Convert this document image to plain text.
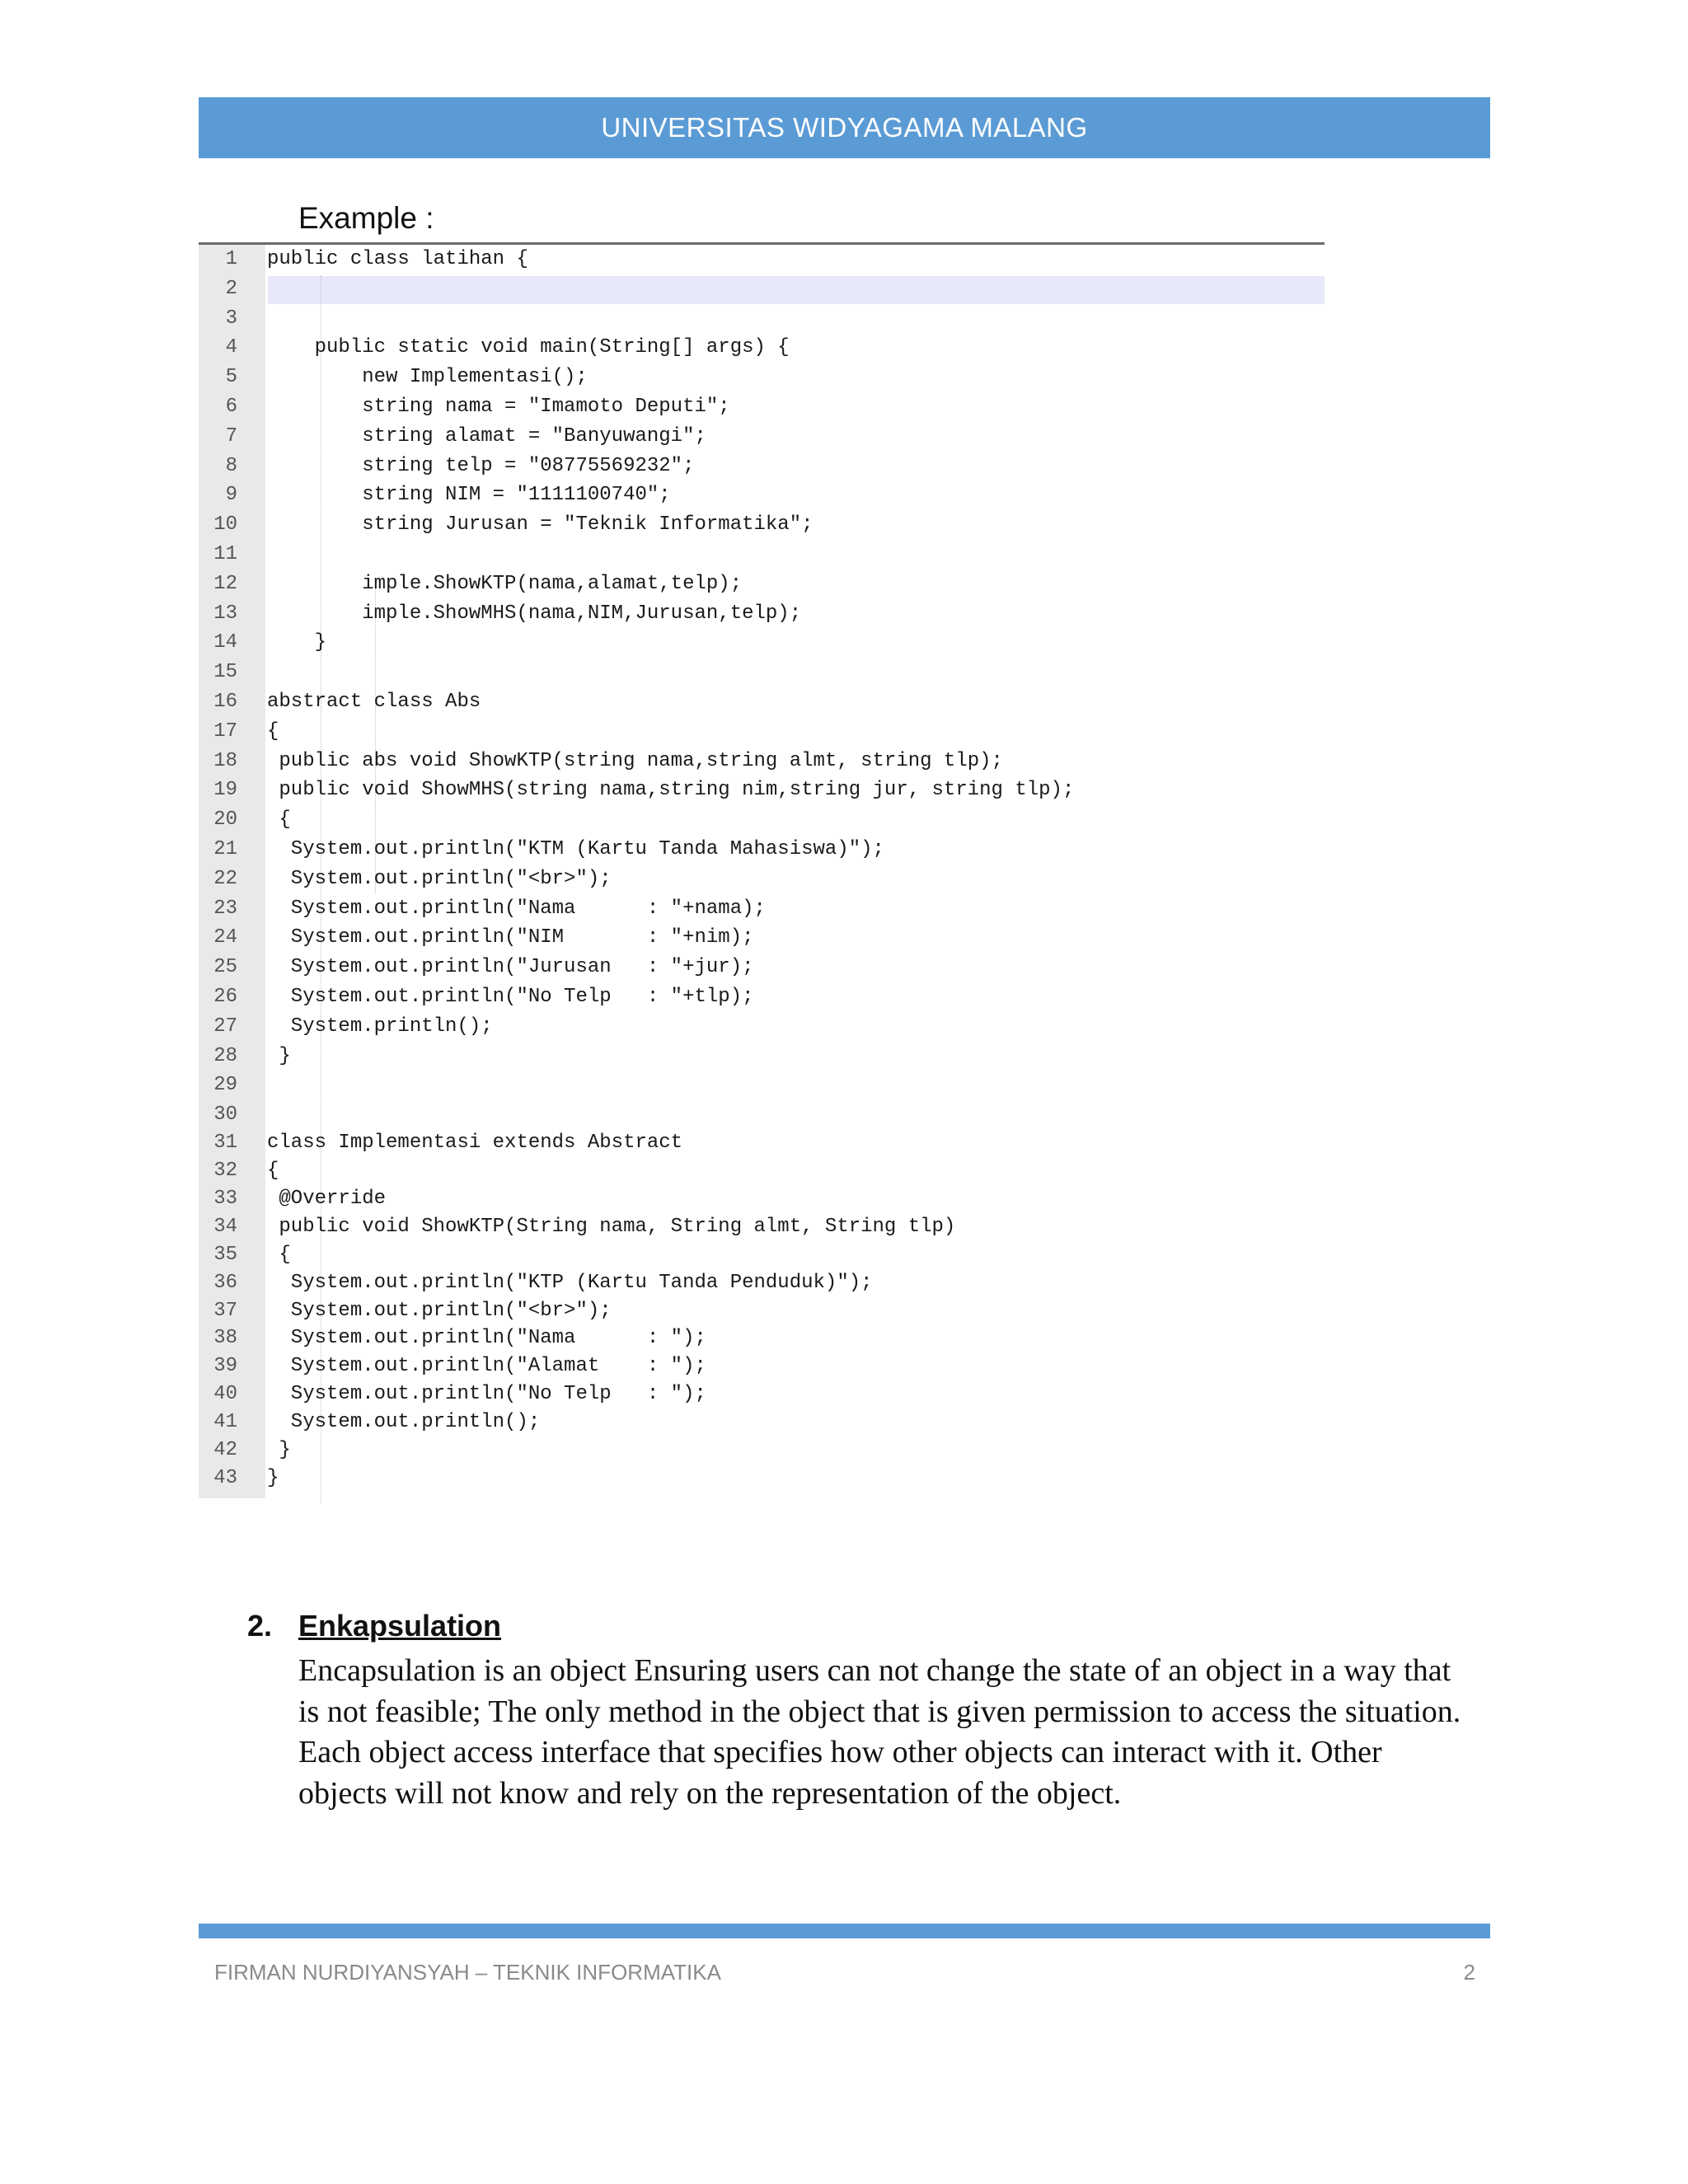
UNIVERSITAS WIDYAGAMA MALANG
Example :
1 public class latihan {
2
3
4 public static void main(String[] args) {
5 new Implementasi();
6 string nama = "Imamoto Deputi";
7 string alamat = "Banyuwangi";
8 string telp = "08775569232";
9 string NIM = "1111100740";
10 string Jurusan = "Teknik Informatika";
11
12 imple.ShowKTP(nama,alamat,telp);
13 imple.ShowMHS(nama,NIM,Jurusan,telp);
14 }
15
16 abstract class Abs
17 {
18 public abs void ShowKTP(string nama,string almt, string tlp);
19 public void ShowMHS(string nama,string nim,string jur, string tlp);
20 {
21 System.out.println("KTM (Kartu Tanda Mahasiswa)");
22 System.out.println("<br>");
23 System.out.println("Nama      : "+nama);
24 System.out.println("NIM       : "+nim);
25 System.out.println("Jurusan   : "+jur);
26 System.out.println("No Telp   : "+tlp);
27 System.println();
28 }
29
30
31 class Implementasi extends Abstract
32 {
33 @Override
34 public void ShowKTP(String nama, String almt, String tlp)
35 {
36 System.out.println("KTP (Kartu Tanda Penduduk)");
37 System.out.println("<br>");
38 System.out.println("Nama      : ");
39 System.out.println("Alamat    : ");
40 System.out.println("No Telp   : ");
41 System.out.println();
42 }
43 }
2. Enkapsulation
Encapsulation is an object Ensuring users can not change the state of an object in a way that is not feasible; The only method in the object that is given permission to access the situation. Each object access interface that specifies how other objects can interact with it. Other objects will not know and rely on the representation of the object.
FIRMAN NURDIYANSYAH – TEKNIK INFORMATIKA	2
